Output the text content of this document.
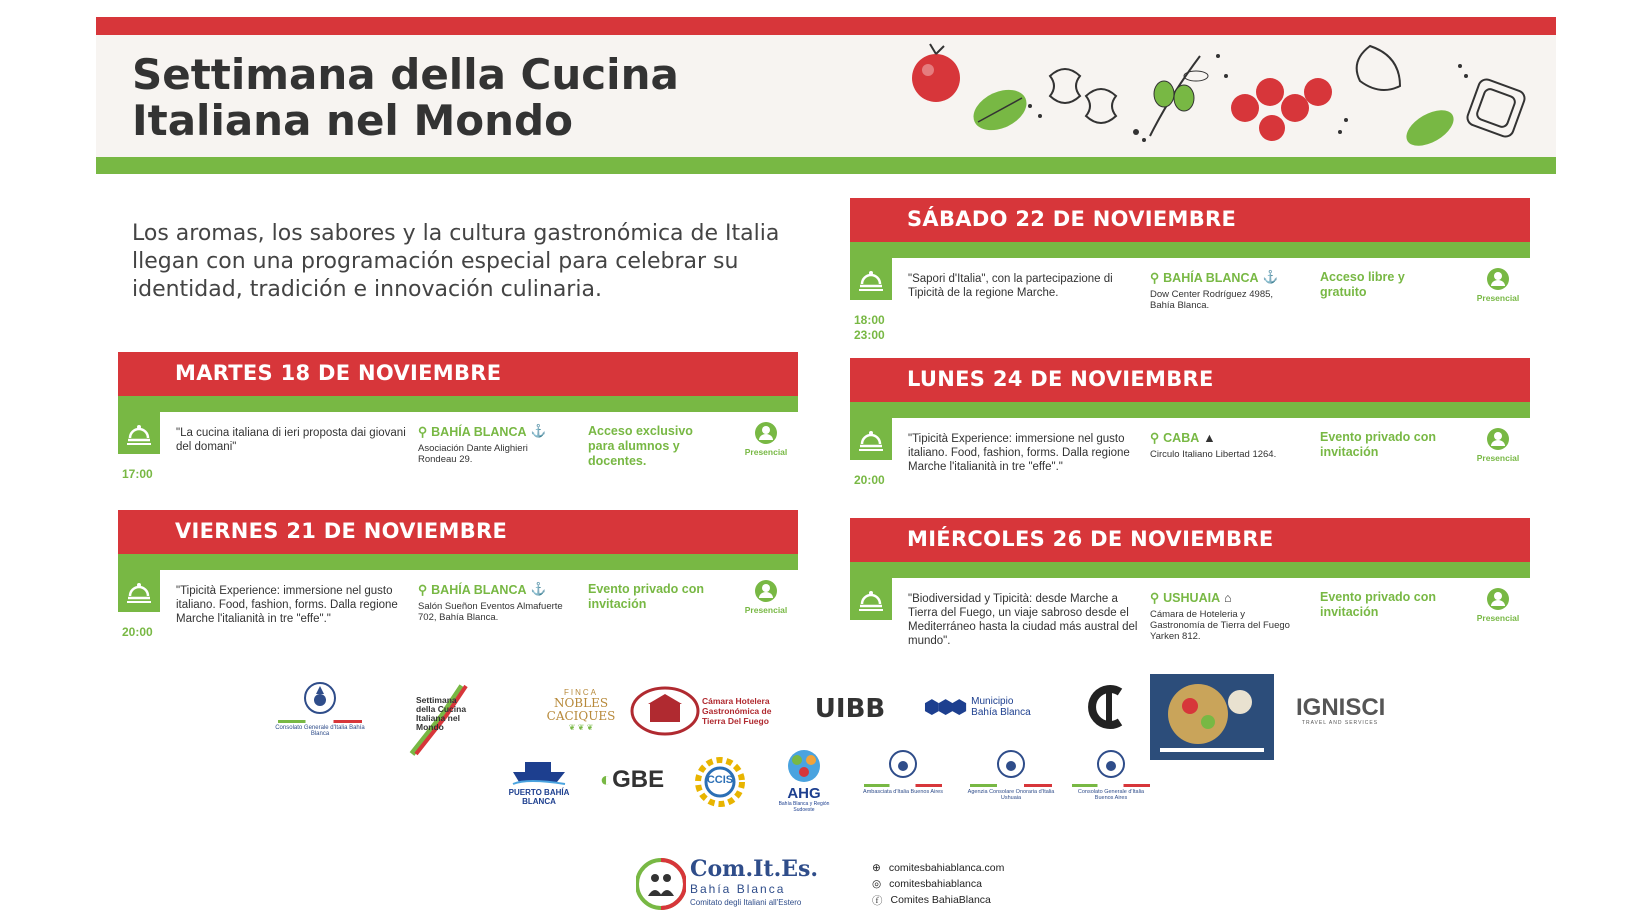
Settimana della Cucina
Italiana nel Mondo

Los aromas, los sabores y la cultura gastronómica de Italia llegan con una programación especial para celebrar su identidad, tradición e innovación culinaria.

MARTES 18 DE NOVIEMBRE
17:00
"La cucina italiana di ieri proposta dai giovani del domani"
⚲ BAHÍA BLANCA ⚓
Asociación Dante Alighieri Rondeau 29.
Acceso exclusivo para alumnos y docentes.
Presencial
VIERNES 21 DE NOVIEMBRE
20:00
"Tipicità Experience: immersione nel gusto italiano. Food, fashion, forms. Dalla regione Marche l'italianità in tre "effe"."
⚲ BAHÍA BLANCA ⚓
Salón Sueñon Eventos Almafuerte 702, Bahía Blanca.
Evento privado con invitación	Presencial
SÁBADO 22 DE NOVIEMBRE
18:00
23:00
"Sapori d'Italia", con la partecipazione di Tipicità de la regione Marche.
⚲ BAHÍA BLANCA ⚓
Dow Center Rodríguez 4985, Bahía Blanca.
Acceso libre y gratuito	Presencial
LUNES 24 DE NOVIEMBRE
20:00
"Tipicità Experience: immersione nel gusto italiano. Food, fashion, forms. Dalla regione Marche l'italianità in tre "effe"."
⚲ CABA ▲
Circulo Italiano Libertad 1264.
Evento privado con invitación	Presencial
MIÉRCOLES 26 DE NOVIEMBRE
"Biodiversidad y Tipicità: desde Marche a Tierra del Fuego, un viaje sabroso desde el Mediterráneo hasta la ciudad más austral del mundo".
⚲ USHUAIA ⌂
Cámara de Hoteleria y Gastronomía de Tierra del Fuego Yarken 812.
Evento privado con invitación	Presencial
Consolato Generale d'Italia Bahía Blanca
Settimana della Cucina Italiana nel Mondo
FINCA
NOBLES CACIQUES
❦ ❦ ❦
Cámara Hotelera Gastronómica de Tierra Del Fuego	UIBB	⬢⬢⬢ Municipio Bahía Blanca	IGNISCI
TRAVEL AND SERVICES
PUERTO BAHÍA BLANCA
◐ GBE	CCIS
AHG
Bahía Blanca y Región Sudoeste
Ambasciata d'Italia Buenos Aires	Agenzia Consolare Onoraria d'Italia Ushuaia
Consolato Generale d'Italia Buenos Aires
Com.It.Es.
Bahía Blanca
Comitato degli Italiani all'Estero
⊕ comitesbahiablanca.com
◎ comitesbahiablanca
ⓕ Comites BahiaBlanca
